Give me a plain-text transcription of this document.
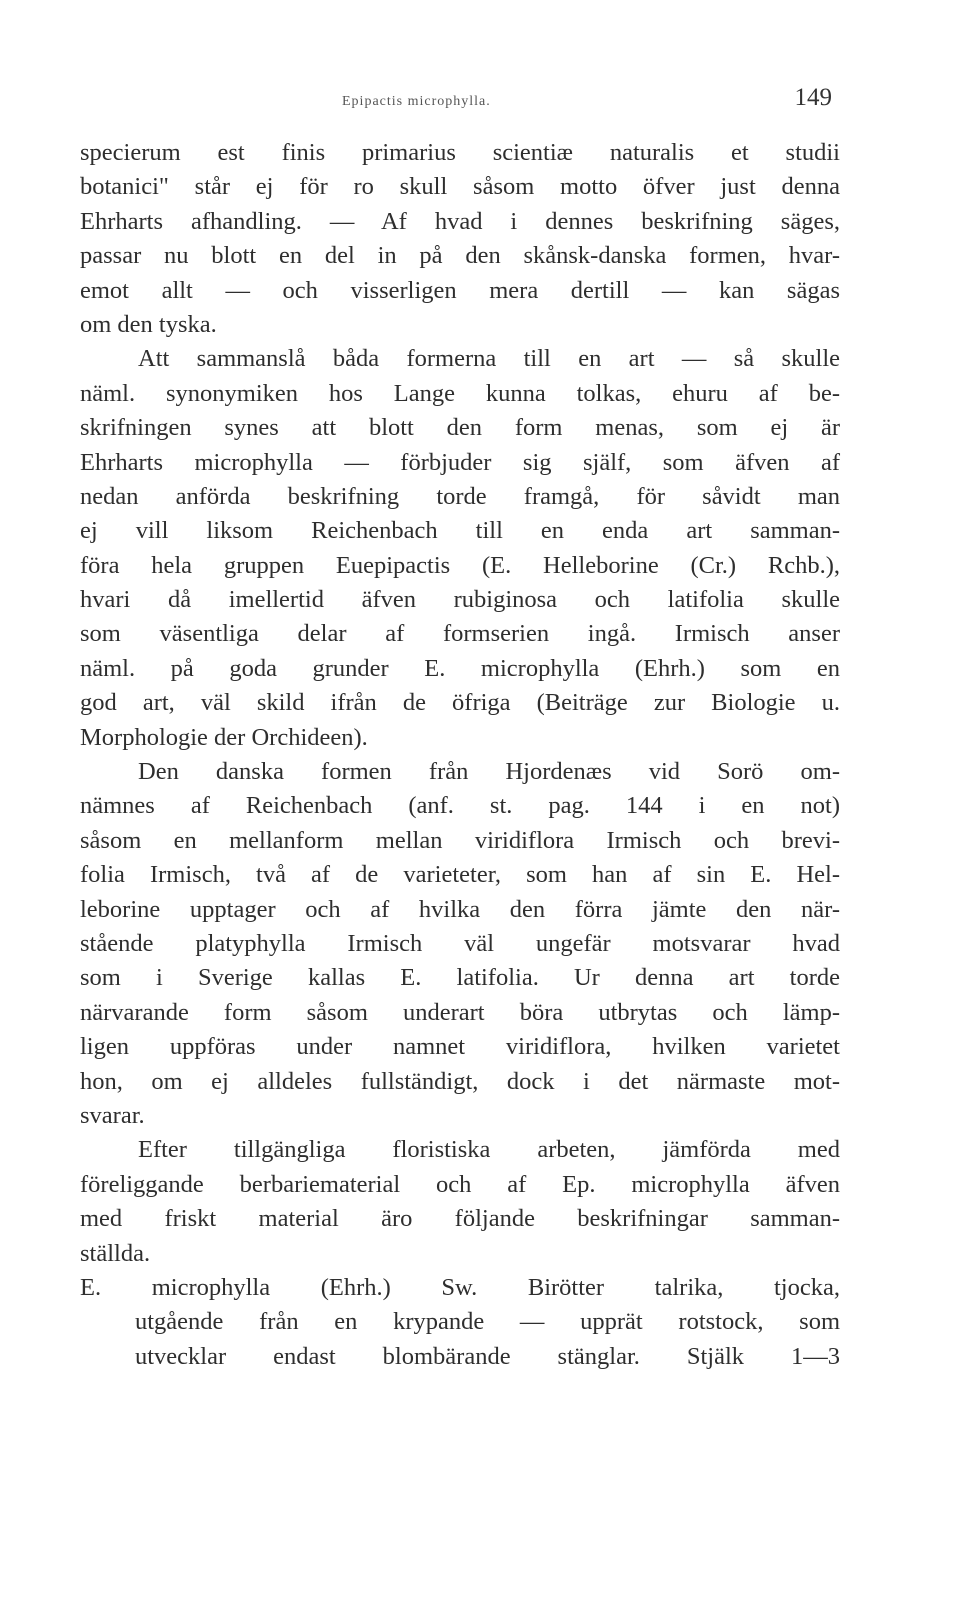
Epipactis microphylla.	149
specierum est finis primarius scientiæ naturalis et studii
botanici" står ej för ro skull såsom motto öfver just denna
Ehrharts afhandling. — Af hvad i dennes beskrifning säges,
passar nu blott en del in på den skånsk-danska formen, hvar-
emot allt — och visserligen mera dertill — kan sägas
om den tyska.
Att sammanslå båda formerna till en art — så skulle
näml. synonymiken hos Lange kunna tolkas, ehuru af be-
skrifningen synes att blott den form menas, som ej är
Ehrharts microphylla — förbjuder sig själf, som äfven af
nedan anförda beskrifning torde framgå, för såvidt man
ej vill liksom Reichenbach till en enda art samman-
föra hela gruppen Euepipactis (E. Helleborine (Cr.) Rchb.),
hvari då imellertid äfven rubiginosa och latifolia skulle
som väsentliga delar af formserien ingå. Irmisch anser
näml. på goda grunder E. microphylla (Ehrh.) som en
god art, väl skild ifrån de öfriga (Beiträge zur Biologie u.
Morphologie der Orchideen).
Den danska formen från Hjordenæs vid Sorö om-
nämnes af Reichenbach (anf. st. pag. 144 i en not)
såsom en mellanform mellan viridiflora Irmisch och brevi-
folia Irmisch, två af de varieteter, som han af sin E. Hel-
leborine upptager och af hvilka den förra jämte den när-
stående platyphylla Irmisch väl ungefär motsvarar hvad
som i Sverige kallas E. latifolia. Ur denna art torde
närvarande form såsom underart böra utbrytas och lämp-
ligen uppföras under namnet viridiflora, hvilken varietet
hon, om ej alldeles fullständigt, dock i det närmaste mot-
svarar.
Efter tillgängliga floristiska arbeten, jämförda med
föreliggande berbariematerial och af Ep. microphylla äfven
med friskt material äro följande beskrifningar samman-
ställda.
E. microphylla (Ehrh.) Sw. Birötter talrika, tjocka,
utgående från en krypande — upprät rotstock, som
utvecklar endast blombärande stänglar. Stjälk 1—3
